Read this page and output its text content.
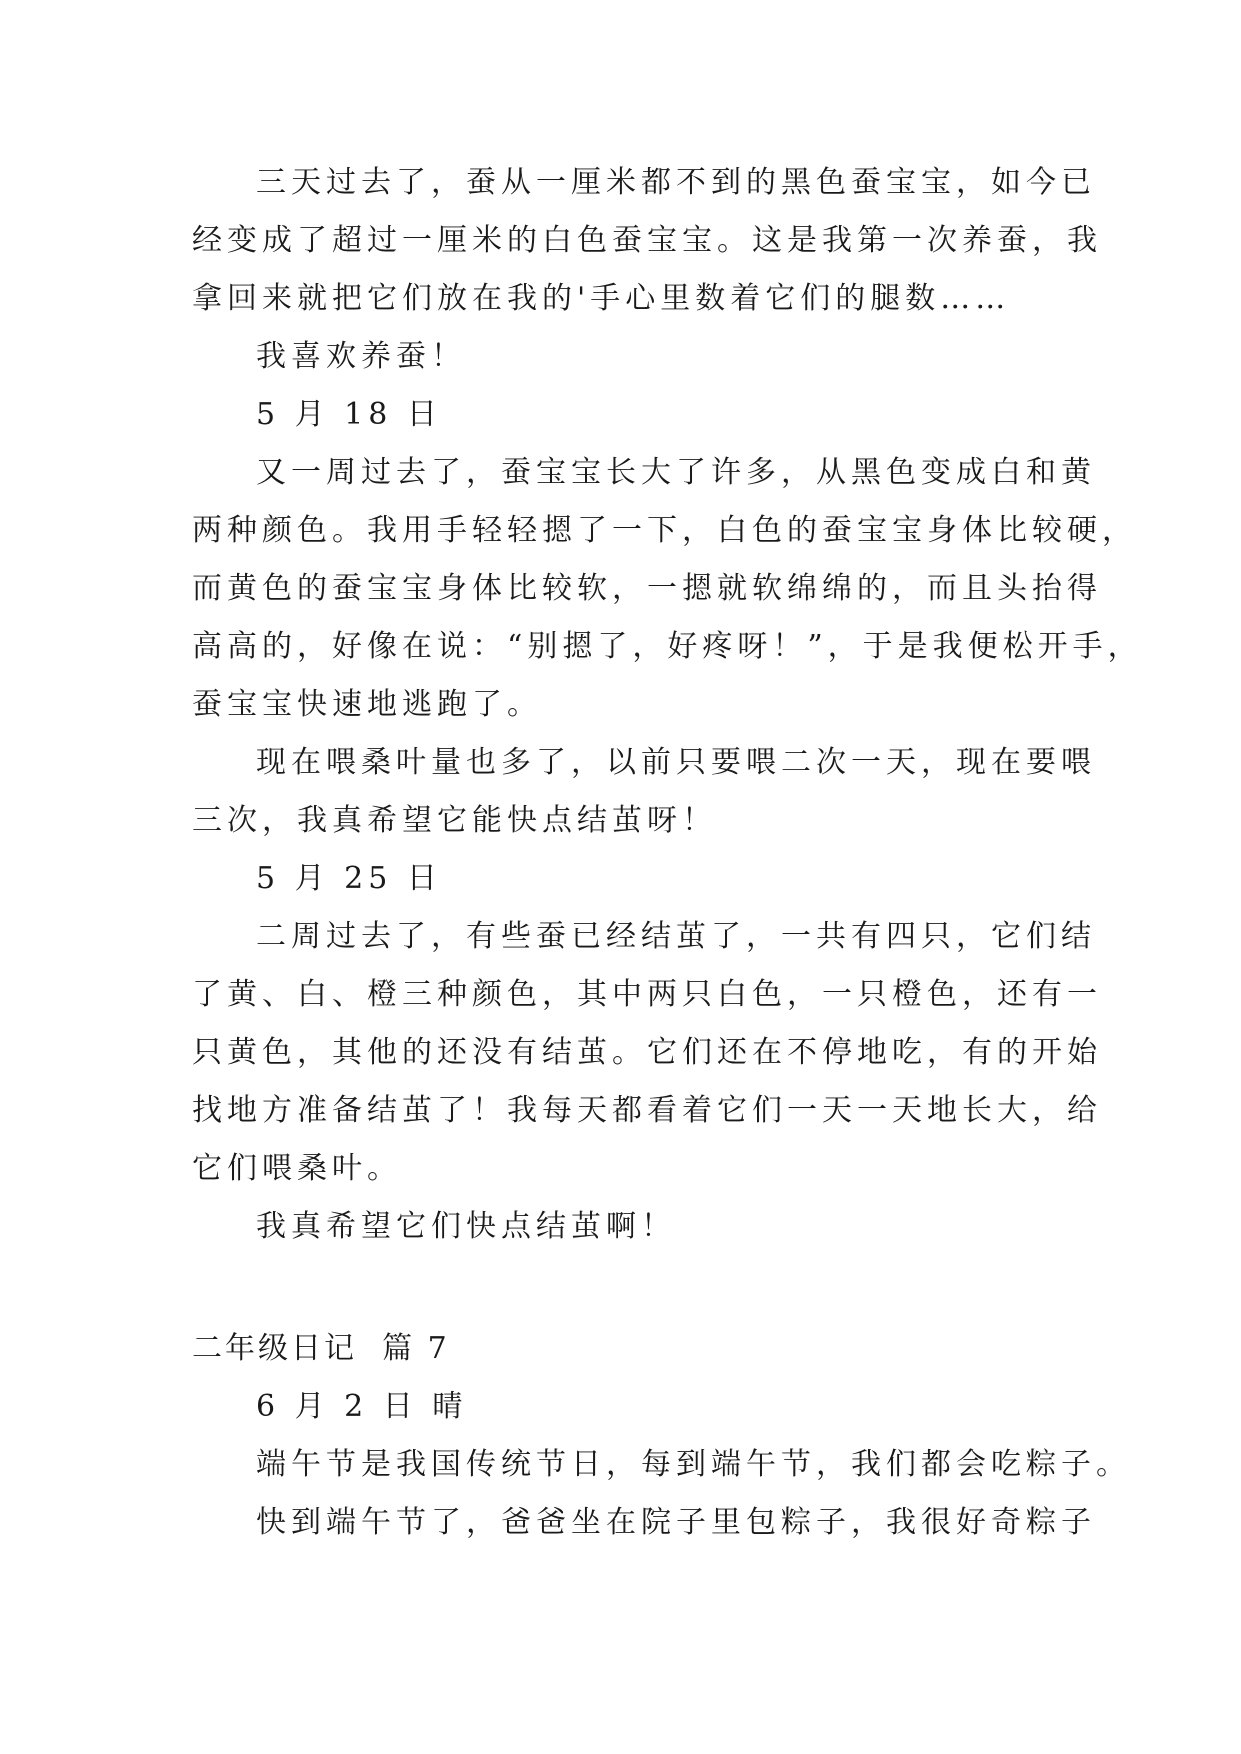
三天过去了，蚕从一厘米都不到的黑色蚕宝宝，如今已
经变成了超过一厘米的白色蚕宝宝。这是我第一次养蚕，我
拿回来就把它们放在我的'手心里数着它们的腿数……
我喜欢养蚕！
5 月 18 日
又一周过去了，蚕宝宝长大了许多，从黑色变成白和黄
两种颜色。我用手轻轻摁了一下，白色的蚕宝宝身体比较硬，
而黄色的蚕宝宝身体比较软，一摁就软绵绵的，而且头抬得
高高的，好像在说：“别摁了，好疼呀！”，于是我便松开手，
蚕宝宝快速地逃跑了。
现在喂桑叶量也多了，以前只要喂二次一天，现在要喂
三次，我真希望它能快点结茧呀！
5 月 25 日
二周过去了，有些蚕已经结茧了，一共有四只，它们结
了黄、白、橙三种颜色，其中两只白色，一只橙色，还有一
只黄色，其他的还没有结茧。它们还在不停地吃，有的开始
找地方准备结茧了！我每天都看着它们一天一天地长大，给
它们喂桑叶。
我真希望它们快点结茧啊！
二年级日记  篇 7
6 月 2 日 晴
端午节是我国传统节日，每到端午节，我们都会吃粽子。
快到端午节了，爸爸坐在院子里包粽子，我很好奇粽子
